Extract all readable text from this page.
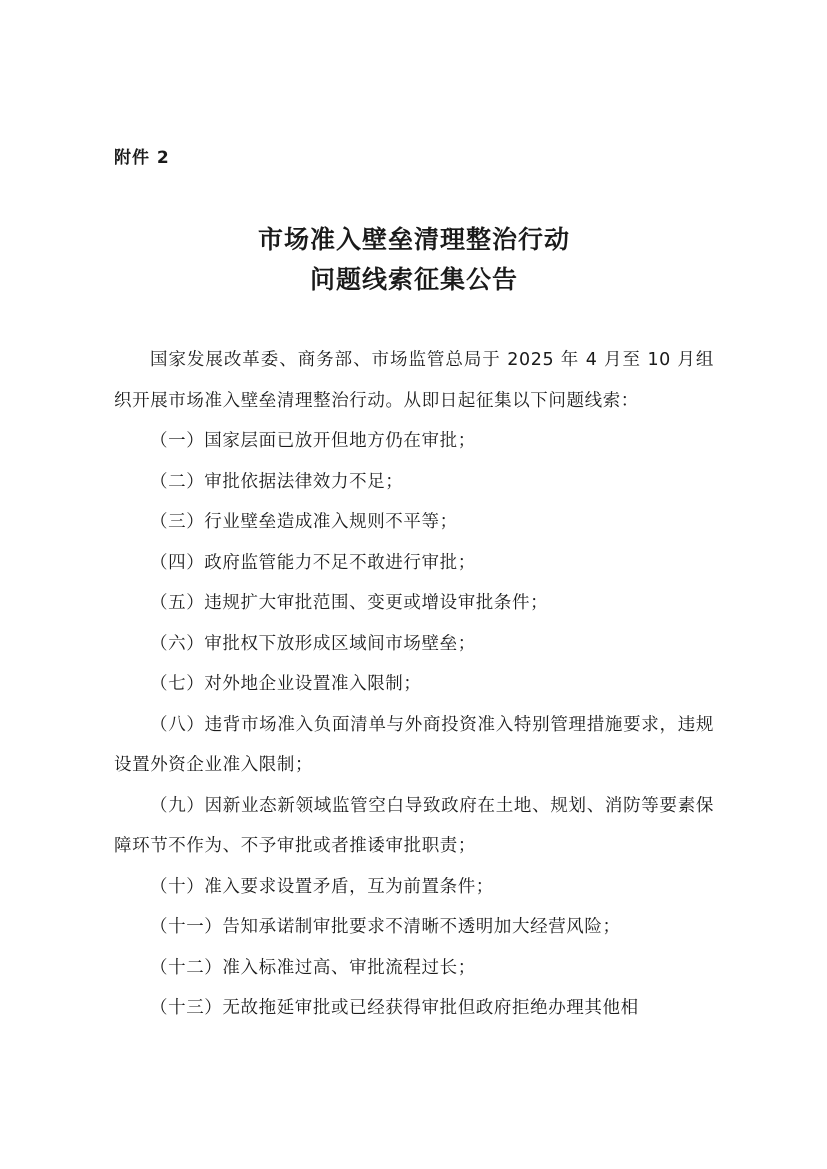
附件 2
市场准入壁垒清理整治行动
问题线索征集公告

国家发展改革委、商务部、市场监管总局于 2025 年 4 月至 10 月组织开展市场准入壁垒清理整治行动。从即日起征集以下问题线索：

（一）国家层面已放开但地方仍在审批；

（二）审批依据法律效力不足；

（三）行业壁垒造成准入规则不平等；

（四）政府监管能力不足不敢进行审批；

（五）违规扩大审批范围、变更或增设审批条件；

（六）审批权下放形成区域间市场壁垒；

（七）对外地企业设置准入限制；

（八）违背市场准入负面清单与外商投资准入特别管理措施要求，违规设置外资企业准入限制；

（九）因新业态新领域监管空白导致政府在土地、规划、消防等要素保障环节不作为、不予审批或者推诿审批职责；

（十）准入要求设置矛盾，互为前置条件；

（十一）告知承诺制审批要求不清晰不透明加大经营风险；

（十二）准入标准过高、审批流程过长；

（十三）无故拖延审批或已经获得审批但政府拒绝办理其他相
